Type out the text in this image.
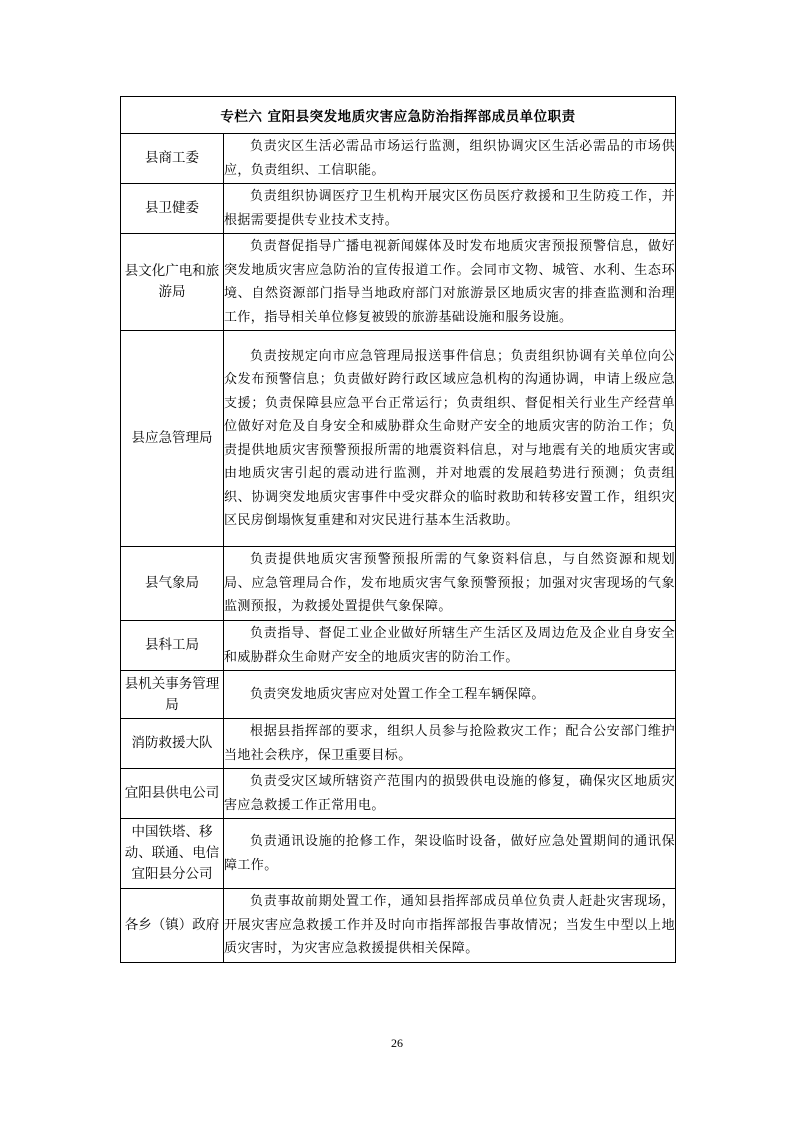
专栏六 宜阳县突发地质灾害应急防治指挥部成员单位职责	
县商工委	负责灾区生活必需品市场运行监测，组织协调灾区生活必需品的市场供应，负责组织、工信职能。
县卫健委	负责组织协调医疗卫生机构开展灾区伤员医疗救援和卫生防疫工作，并根据需要提供专业技术支持。
县文化广电和旅游局	负责督促指导广播电视新闻媒体及时发布地质灾害预报预警信息，做好突发地质灾害应急防治的宣传报道工作。会同市文物、城管、水利、生态环境、自然资源部门指导当地政府部门对旅游景区地质灾害的排查监测和治理工作，指导相关单位修复被毁的旅游基础设施和服务设施。
县应急管理局	负责按规定向市应急管理局报送事件信息；负责组织协调有关单位向公众发布预警信息；负责做好跨行政区域应急机构的沟通协调，申请上级应急支援；负责保障县应急平台正常运行；负责组织、督促相关行业生产经营单位做好对危及自身安全和威胁群众生命财产安全的地质灾害的防治工作；负责提供地质灾害预警预报所需的地震资料信息，对与地震有关的地质灾害或由地质灾害引起的震动进行监测，并对地震的发展趋势进行预测；负责组织、协调突发地质灾害事件中受灾群众的临时救助和转移安置工作，组织灾区民房倒塌恢复重建和对灾民进行基本生活救助。
县气象局	负责提供地质灾害预警预报所需的气象资料信息，与自然资源和规划局、应急管理局合作，发布地质灾害气象预警预报；加强对灾害现场的气象监测预报，为救援处置提供气象保障。
县科工局	负责指导、督促工业企业做好所辖生产生活区及周边危及企业自身安全和威胁群众生命财产安全的地质灾害的防治工作。
县机关事务管理局	负责突发地质灾害应对处置工作全工程车辆保障。
消防救援大队	根据县指挥部的要求，组织人员参与抢险救灾工作；配合公安部门维护当地社会秩序，保卫重要目标。
宜阳县供电公司	负责受灾区域所辖资产范围内的损毁供电设施的修复，确保灾区地质灾害应急救援工作正常用电。
中国铁塔、移动、联通、电信宜阳县分公司	负责通讯设施的抢修工作，架设临时设备，做好应急处置期间的通讯保障工作。
各乡（镇）政府	负责事故前期处置工作，通知县指挥部成员单位负责人赶赴灾害现场，开展灾害应急救援工作并及时向市指挥部报告事故情况；当发生中型以上地质灾害时，为灾害应急救援提供相关保障。
26
